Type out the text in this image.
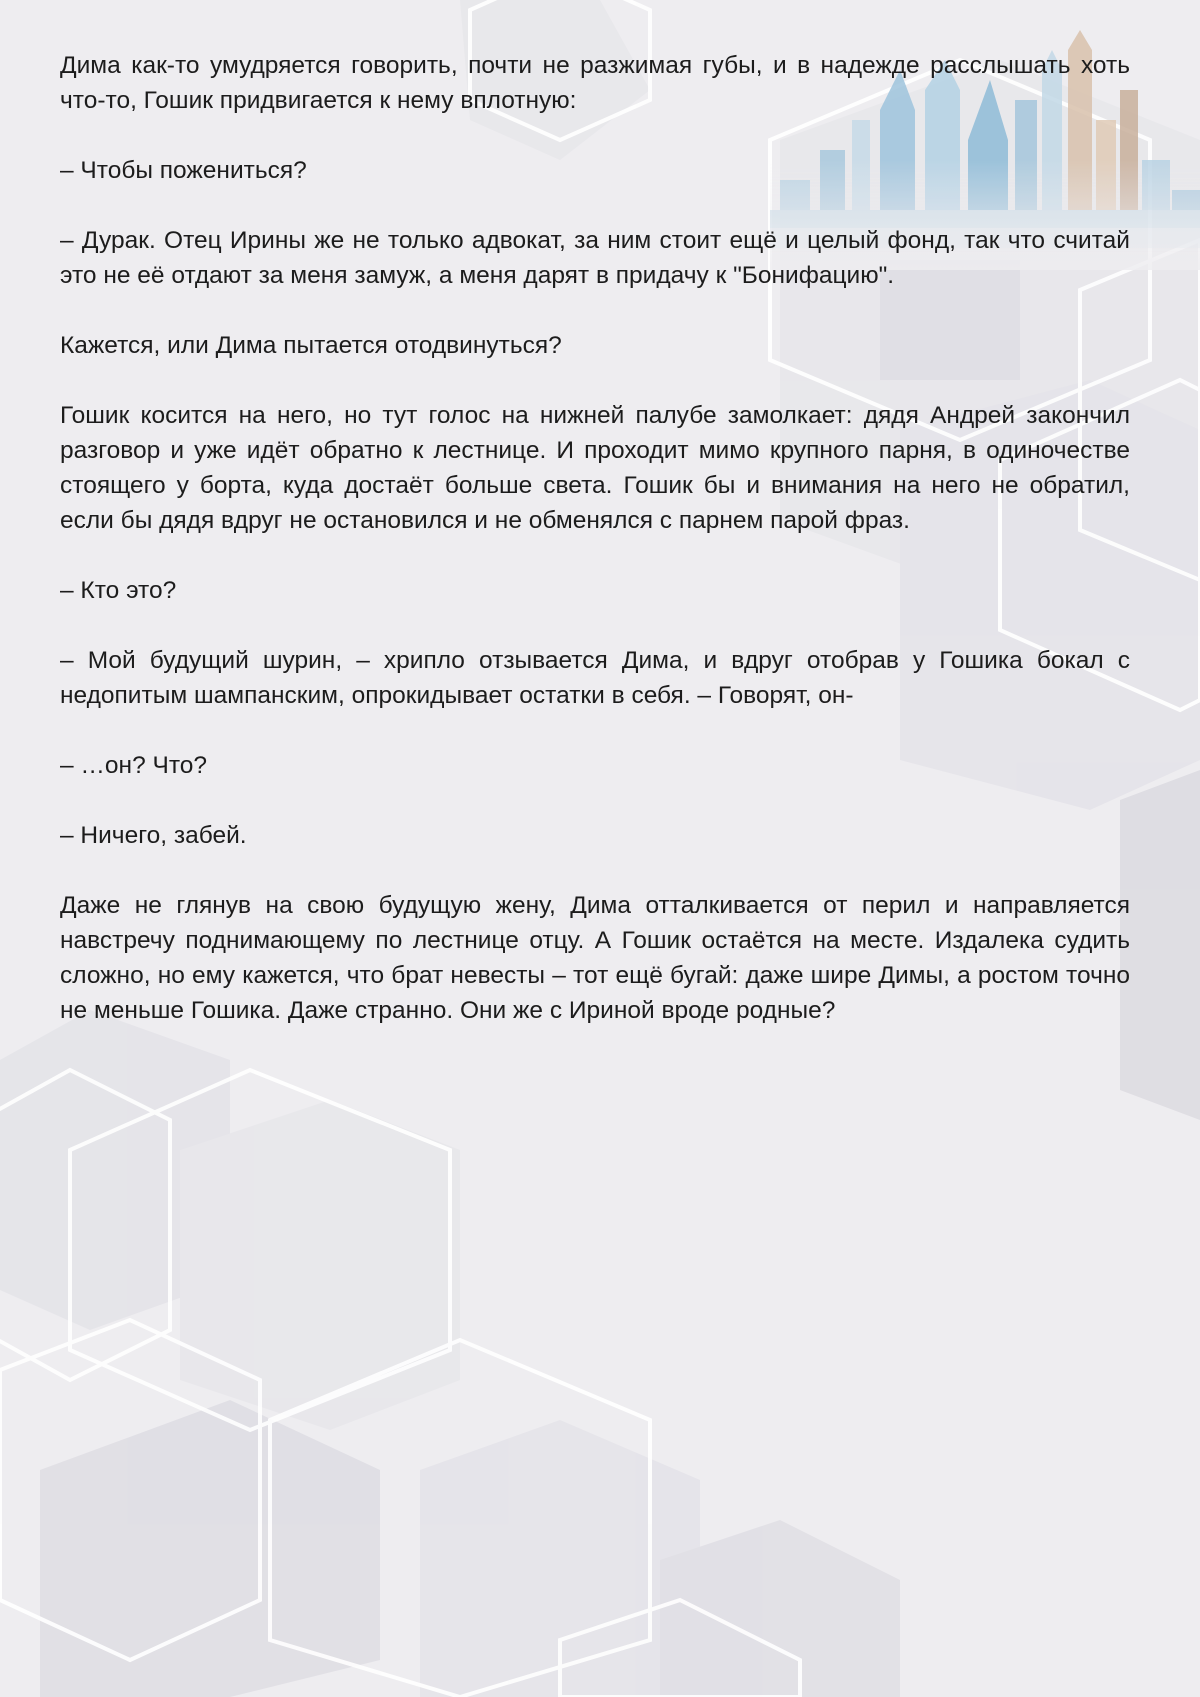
Дима как-то умудряется говорить, почти не разжимая губы, и в надежде расслышать хоть что-то, Гошик придвигается к нему вплотную:

– Чтобы пожениться?

– Дурак. Отец Ирины же не только адвокат, за ним стоит ещё и целый фонд, так что считай это не её отдают за меня замуж, а меня дарят в придачу к "Бонифацию".

Кажется, или Дима пытается отодвинуться?

Гошик косится на него, но тут голос на нижней палубе замолкает: дядя Андрей закончил разговор и уже идёт обратно к лестнице. И проходит мимо крупного парня, в одиночестве стоящего у борта, куда достаёт больше света. Гошик бы и внимания на него не обратил, если бы дядя вдруг не остановился и не обменялся с парнем парой фраз.

– Кто это?

– Мой будущий шурин, – хрипло отзывается Дима, и вдруг отобрав у Гошика бокал с недопитым шампанским, опрокидывает остатки в себя. – Говорят, он-

– …он? Что?

– Ничего, забей.

Даже не глянув на свою будущую жену, Дима отталкивается от перил и направляется навстречу поднимающему по лестнице отцу. А Гошик остаётся на месте. Издалека судить сложно, но ему кажется, что брат невесты – тот ещё бугай: даже шире Димы, а ростом точно не меньше Гошика. Даже странно. Они же с Ириной вроде родные?
